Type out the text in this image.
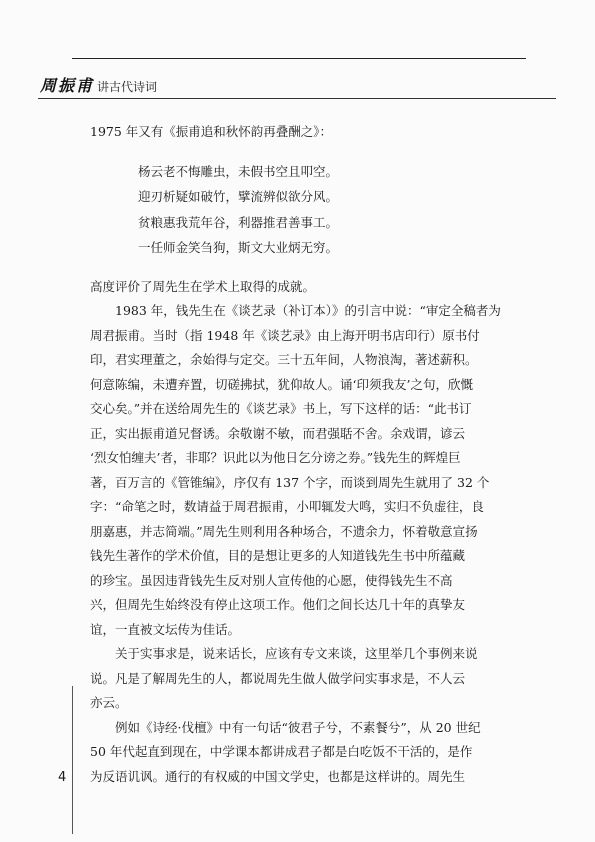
周振甫 讲古代诗词
1975 年又有《振甫追和秋怀韵再叠酬之》：
杨云老不悔雕虫，未假书空且叩空。
迎刃析疑如破竹，擘流辨似欲分风。
贫粮惠我荒年谷，利器推君善事工。
一任师金笑刍狗，斯文大业炳无穷。
高度评价了周先生在学术上取得的成就。
　　1983 年，钱先生在《谈艺录（补订本）》的引言中说：“审定全稿者为
周君振甫。当时（指 1948 年《谈艺录》由上海开明书店印行）原书付
印，君实理董之，余始得与定交。三十五年间，人物浪淘，著述薪积。
何意陈编，未遭弃置，切磋拂拭，犹仰故人。诵‘印须我友’之句，欣慨
交心矣。”并在送给周先生的《谈艺录》书上，写下这样的话：“此书订
正，实出振甫道兄督诱。余敬谢不敏，而君强聒不舍。余戏谓，谚云
‘烈女怕缠夫’者，非耶？识此以为他日乞分谤之券。”钱先生的辉煌巨
著，百万言的《管锥编》，序仅有 137 个字，而谈到周先生就用了 32 个
字：“命笔之时，数请益于周君振甫，小叩辄发大鸣，实归不负虚往，良
朋嘉惠，并志简端。”周先生则利用各种场合，不遗余力，怀着敬意宣扬
钱先生著作的学术价值，目的是想让更多的人知道钱先生书中所蕴藏
的珍宝。虽因违背钱先生反对别人宣传他的心愿，使得钱先生不高
兴，但周先生始终没有停止这项工作。他们之间长达几十年的真挚友
谊，一直被文坛传为佳话。
　　关于实事求是，说来话长，应该有专文来谈，这里举几个事例来说
说。凡是了解周先生的人，都说周先生做人做学问实事求是，不人云
亦云。
　　例如《诗经·伐檀》中有一句话“彼君子兮，不素餐兮”，从 20 世纪
50 年代起直到现在，中学课本都讲成君子都是白吃饭不干活的，是作
为反语讥讽。通行的有权威的中国文学史，也都是这样讲的。周先生
4
